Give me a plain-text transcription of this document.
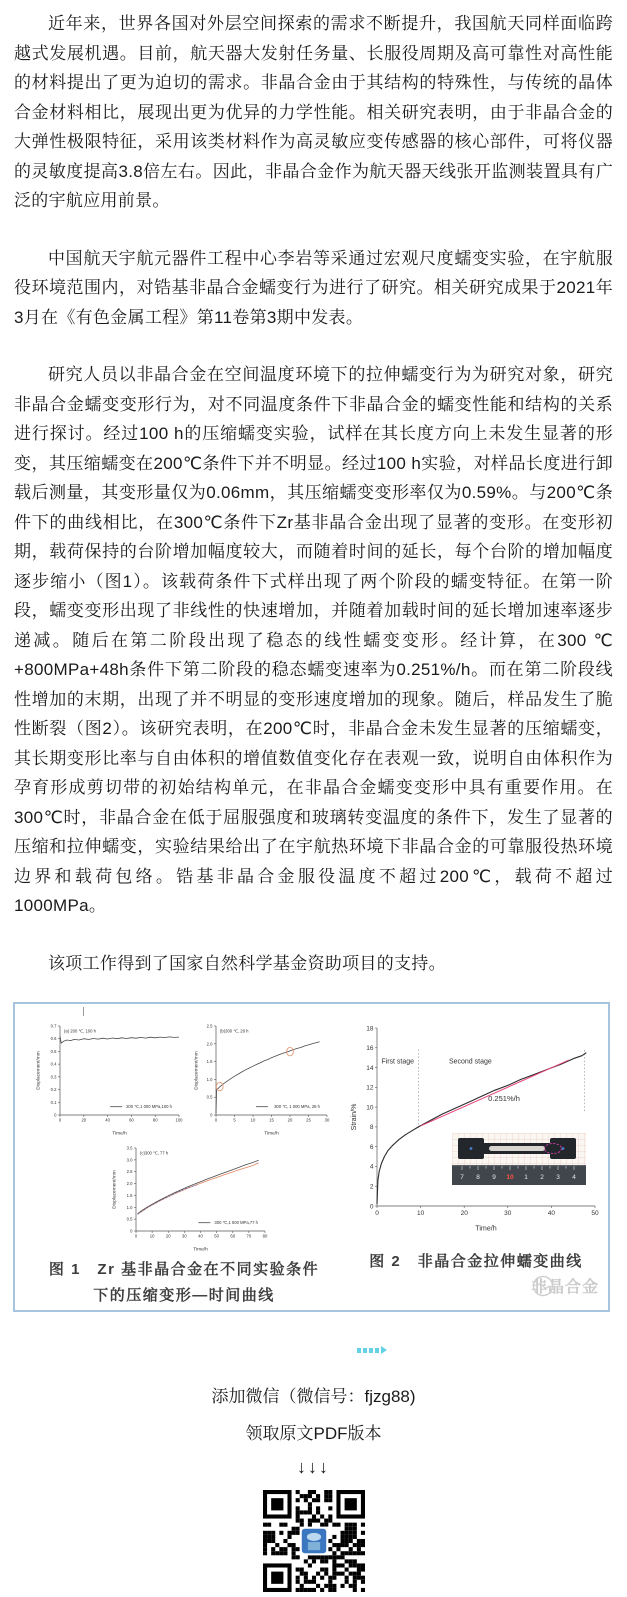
近年来，世界各国对外层空间探索的需求不断提升，我国航天同样面临跨越式发展机遇。目前，航天器大发射任务量、长服役周期及高可靠性对高性能的材料提出了更为迫切的需求。非晶合金由于其结构的特殊性，与传统的晶体合金材料相比，展现出更为优异的力学性能。相关研究表明，由于非晶合金的大弹性极限特征，采用该类材料作为高灵敏应变传感器的核心部件，可将仪器的灵敏度提高3.8倍左右。因此，非晶合金作为航天器天线张开监测装置具有广泛的宇航应用前景。

中国航天宇航元器件工程中心李岩等采通过宏观尺度蠕变实验，在宇航服役环境范围内，对锆基非晶合金蠕变行为进行了研究。相关研究成果于2021年3月在《有色金属工程》第11卷第3期中发表。

研究人员以非晶合金在空间温度环境下的拉伸蠕变行为为研究对象，研究非晶合金蠕变变形行为，对不同温度条件下非晶合金的蠕变性能和结构的关系进行探讨。经过100 h的压缩蠕变实验，试样在其长度方向上未发生显著的形变，其压缩蠕变在200℃条件下并不明显。经过100 h实验，对样品长度进行卸载后测量，其变形量仅为0.06mm，其压缩蠕变变形率仅为0.59%。与200℃条件下的曲线相比，在300℃条件下Zr基非晶合金出现了显著的变形。在变形初期，载荷保持的台阶增加幅度较大，而随着时间的延长，每个台阶的增加幅度逐步缩小（图1）。该载荷条件下式样出现了两个阶段的蠕变特征。在第一阶段，蠕变变形出现了非线性的快速增加，并随着加载时间的延长增加速率逐步递减。随后在第二阶段出现了稳态的线性蠕变变形。经计算，在300 ℃ +800MPa+48h条件下第二阶段的稳态蠕变速率为0.251%/h。而在第二阶段线性增加的末期，出现了并不明显的变形速度增加的现象。随后，样品发生了脆性断裂（图2）。该研究表明，在200℃时，非晶合金未发生显著的压缩蠕变，其长期变形比率与自由体积的增值数值变化存在表观一致，说明自由体积作为孕育形成剪切带的初始结构单元，在非晶合金蠕变变形中具有重要作用。在300℃时，非晶合金在低于屈服强度和玻璃转变温度的条件下，发生了显著的压缩和拉伸蠕变，实验结果给出了在宇航热环境下非晶合金的可靠服役热环境边界和载荷包络。锆基非晶合金服役温度不超过200℃，载荷不超过1000MPa。

该项工作得到了国家自然科学基金资助项目的支持。

0	20	40	60	80	100
0
0.1
0.2
0.3
0.4
0.5
0.6
0.7
Time/h
Displacement/mm
(a) 200 ℃, 100 h
200 ℃,1 000 MPa,100 h
0	5	10	15	20	25	30
0
0.5
1.0
1.5
2.0
2.5
Time/h
Displacement/mm
(b)300 ℃, 28 h
300 ℃, 1 000 MPa, 28 h
0	10	20	30	40	50	60	70	80
0
0.5
1.0
1.5
2.0
2.5
3.0
3.5
Time/h
Displacement/mm
(c)300 ℃, 77 h
300 ℃,1 000 MPa,77 h
图 1　Zr 基非晶合金在不同实验条件
下的压缩变形—时间曲线
0	10	20	30	40	50
0
2
4
6
8
10
12
14
16
18
Time/h
Strain/%
First stage	Second stage
0.251%/h
7 8 9 10 1 2 3 4
图 2　非晶合金拉伸蠕变曲线
非晶合金
添加微信（微信号：fjzg88)
领取原文PDF版本
↓↓↓
